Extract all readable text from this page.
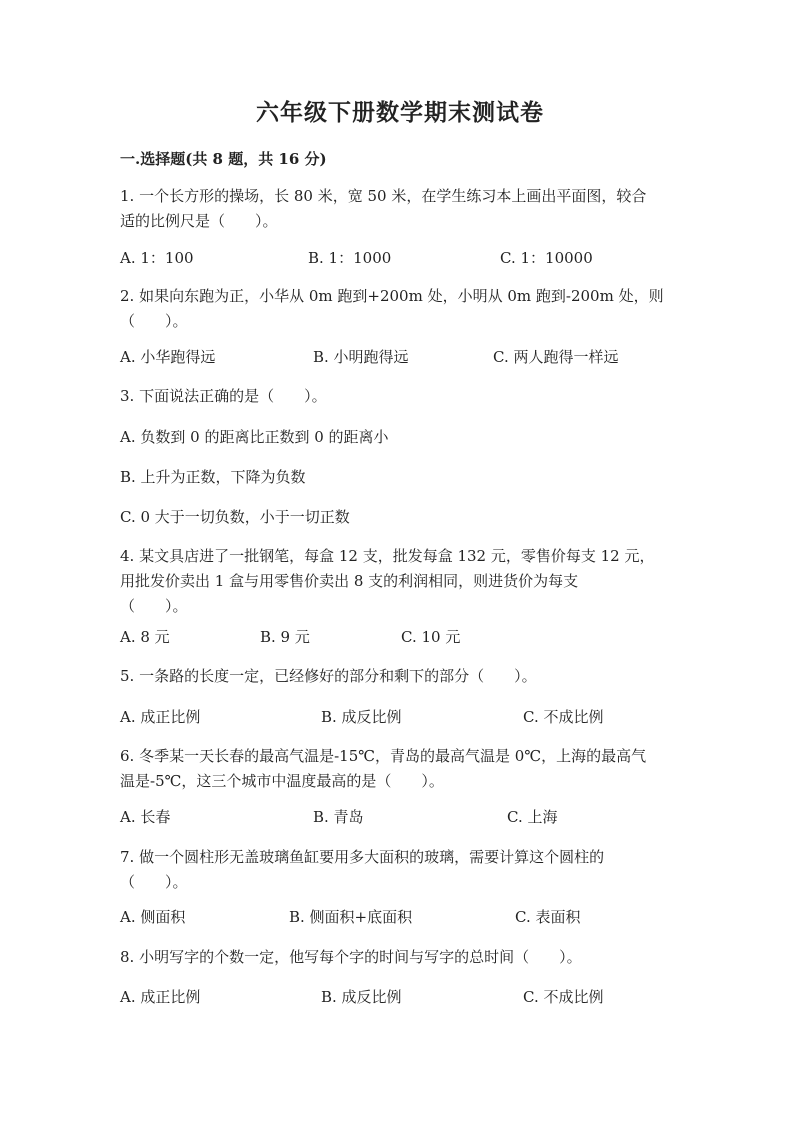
六年级下册数学期末测试卷
一.选择题(共 8 题，共 16 分)
1. 一个长方形的操场，长 80 米，宽 50 米，在学生练习本上画出平面图，较合
适的比例尺是（　　）。
A. 1：100	B. 1：1000	C. 1：10000
2. 如果向东跑为正，小华从 0m 跑到+200m 处，小明从 0m 跑到-200m 处，则
（　　）。
A. 小华跑得远	B. 小明跑得远	C. 两人跑得一样远
3. 下面说法正确的是（　　）。
A. 负数到 0 的距离比正数到 0 的距离小
B. 上升为正数，下降为负数
C. 0 大于一切负数，小于一切正数
4. 某文具店进了一批钢笔，每盒 12 支，批发每盒 132 元，零售价每支 12 元，
用批发价卖出 1 盒与用零售价卖出 8 支的利润相同，则进货价为每支
（　　）。
A. 8 元	B. 9 元	C. 10 元
5. 一条路的长度一定，已经修好的部分和剩下的部分（　　）。
A. 成正比例	B. 成反比例	C. 不成比例
6. 冬季某一天长春的最高气温是-15℃，青岛的最高气温是 0℃，上海的最高气
温是-5℃，这三个城市中温度最高的是（　　）。
A. 长春	B. 青岛	C. 上海
7. 做一个圆柱形无盖玻璃鱼缸要用多大面积的玻璃，需要计算这个圆柱的
（　　）。
A. 侧面积	B. 侧面积+底面积	C. 表面积
8. 小明写字的个数一定，他写每个字的时间与写字的总时间（　　）。
A. 成正比例	B. 成反比例	C. 不成比例
